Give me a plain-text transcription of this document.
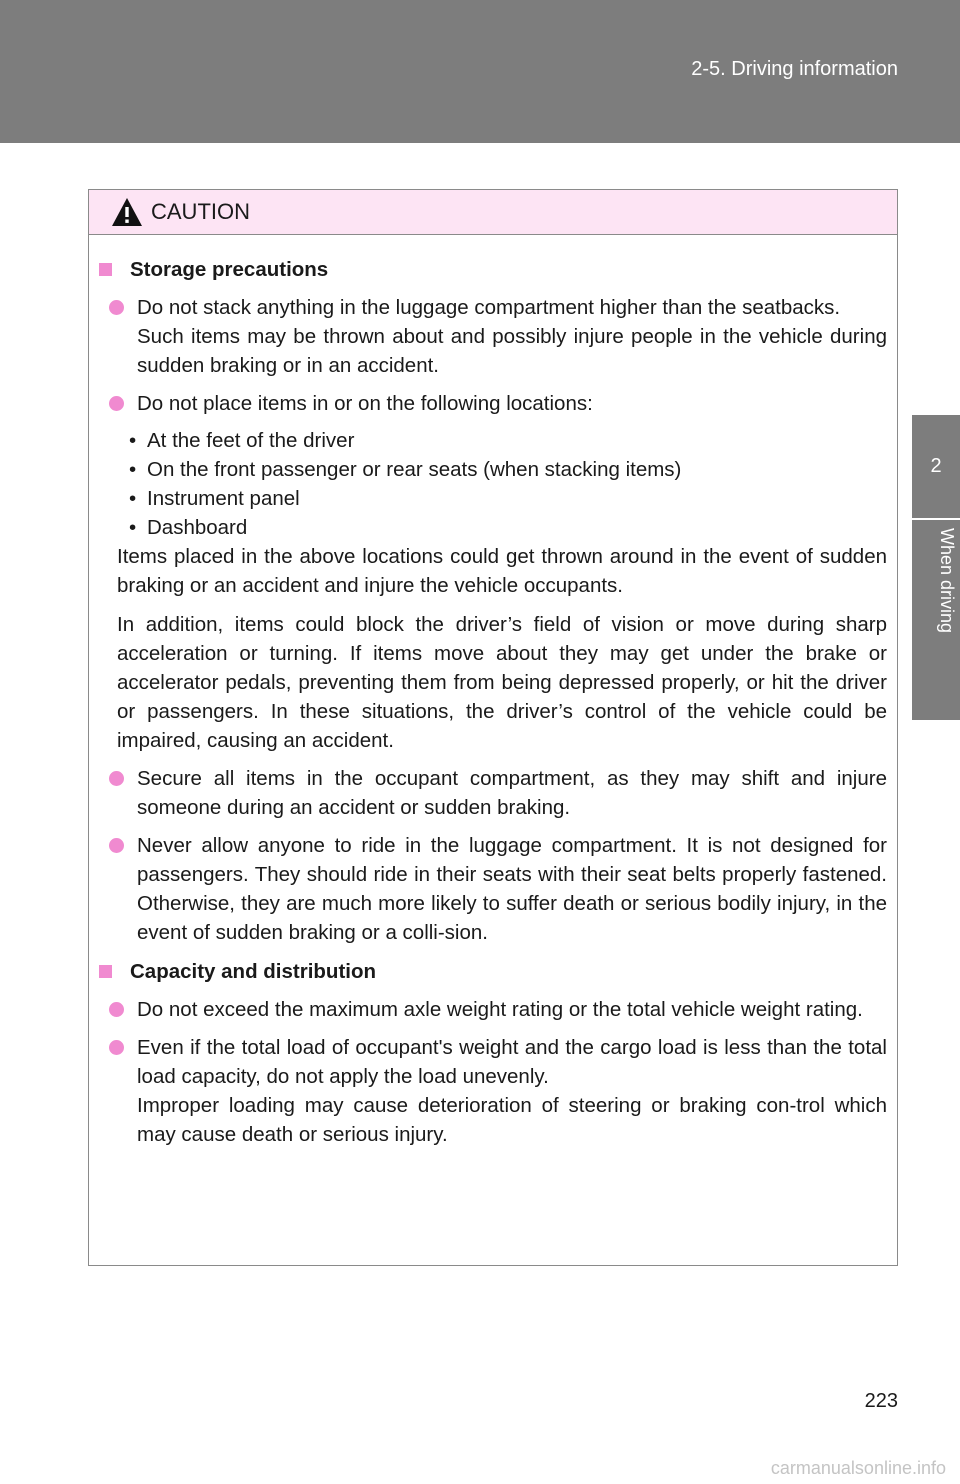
2-5. Driving information
2
When driving
CAUTION
Storage precautions
Do not stack anything in the luggage compartment higher than the seatbacks.
Such items may be thrown about and possibly injure people in the vehicle during sudden braking or in an accident.
Do not place items in or on the following locations:
• At the feet of the driver
• On the front passenger or rear seats (when stacking items)
• Instrument panel
• Dashboard
Items placed in the above locations could get thrown around in the event of sudden braking or an accident and injure the vehicle occupants.
In addition, items could block the driver’s field of vision or move during sharp acceleration or turning. If items move about they may get under the brake or accelerator pedals, preventing them from being depressed properly, or hit the driver or passengers. In these situations, the driver’s control of the vehicle could be impaired, causing an accident.
Secure all items in the occupant compartment, as they may shift and injure someone during an accident or sudden braking.
Never allow anyone to ride in the luggage compartment. It is not designed for passengers. They should ride in their seats with their seat belts properly fastened. Otherwise, they are much more likely to suffer death or serious bodily injury, in the event of sudden braking or a colli-sion.
Capacity and distribution
Do not exceed the maximum axle weight rating or the total vehicle weight rating.
Even if the total load of occupant's weight and the cargo load is less than the total load capacity, do not apply the load unevenly.
Improper loading may cause deterioration of steering or braking con-trol which may cause death or serious injury.
223
carmanualsonline.info
